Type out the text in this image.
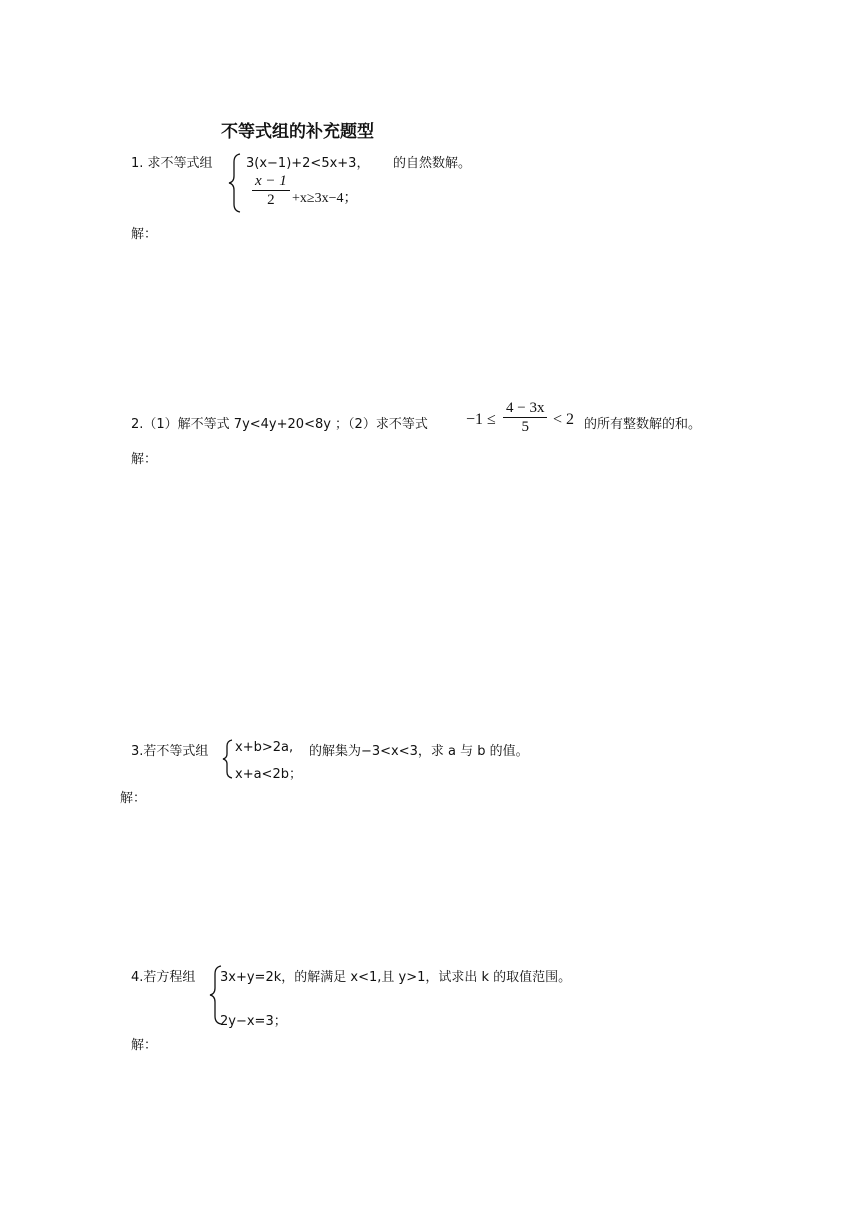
不等式组的补充题型
1. 求不等式组	3(x−1)+2<5x+3， 的自然数解。
$\frac{x - 1}{2} +x\ge 3x-4$；
解：
2.（1）解不等式 7y<4y+20<8y ；（2）求不等式 $-1 \le \frac{4 - 3x}{5} < 2$ 的所有整数解的和。
解：
3.若不等式组 x+b>2a, 的解集为−3<x<3，求 a 与 b 的值。
x+a<2b；
解：
4.若方程组 3x+y=2k，的解满足 x<1,且 y>1，试求出 k 的取值范围。
2y−x=3；
解：
